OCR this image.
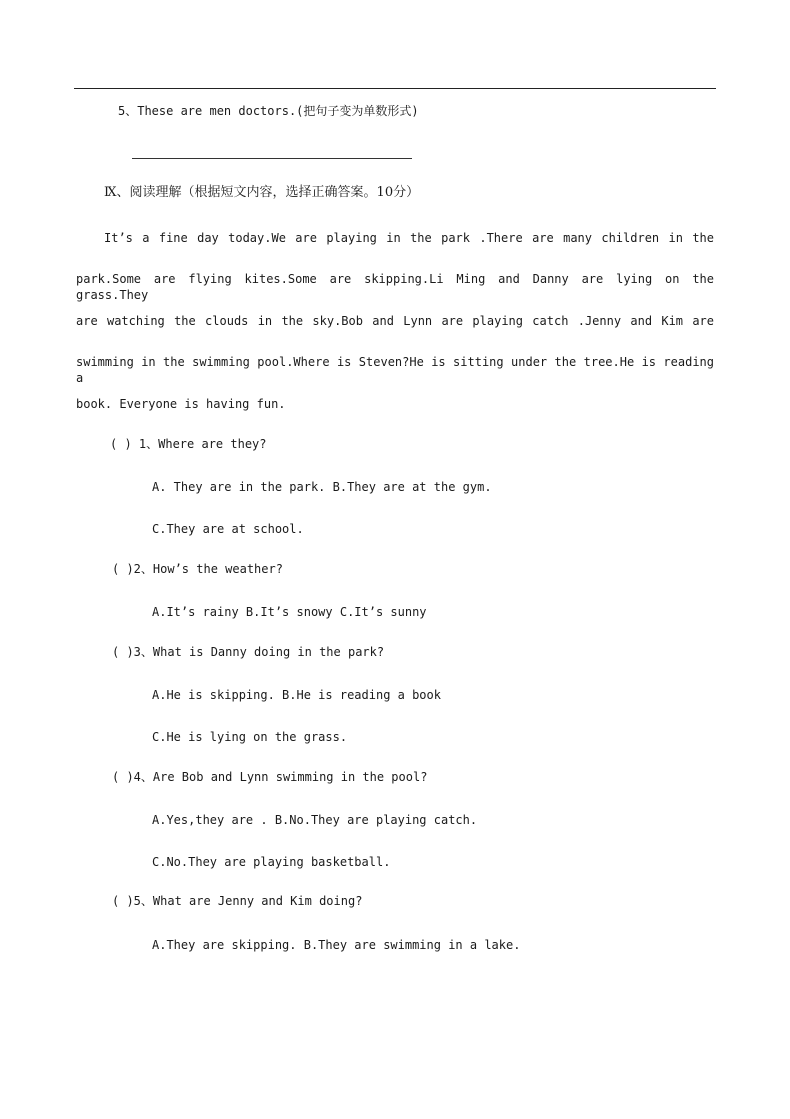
5、These are men doctors.(把句子变为单数形式)
Ⅸ、阅读理解（根据短文内容，选择正确答案。10分）
It’s a fine day today.We are playing in the park .There are many children in the
park.Some are flying kites.Some are skipping.Li Ming and Danny are lying on the grass.They
are watching the clouds in the sky.Bob and Lynn are playing catch .Jenny and Kim are
swimming in the swimming pool.Where is Steven?He is sitting under the tree.He is reading a
book. Everyone is having fun.
( ) 1、Where are they?
A. They are in the park. B.They are at the gym.
C.They are at school.
( )2、How’s the weather?
A.It’s rainy B.It’s snowy C.It’s sunny
( )3、What is Danny doing in the park?
A.He is skipping. B.He is reading a book
C.He is lying on the grass.
( )4、Are Bob and Lynn swimming in the pool?
A.Yes,they are . B.No.They are playing catch.
C.No.They are playing basketball.
( )5、What are Jenny and Kim doing?
A.They are skipping. B.They are swimming in a lake.
